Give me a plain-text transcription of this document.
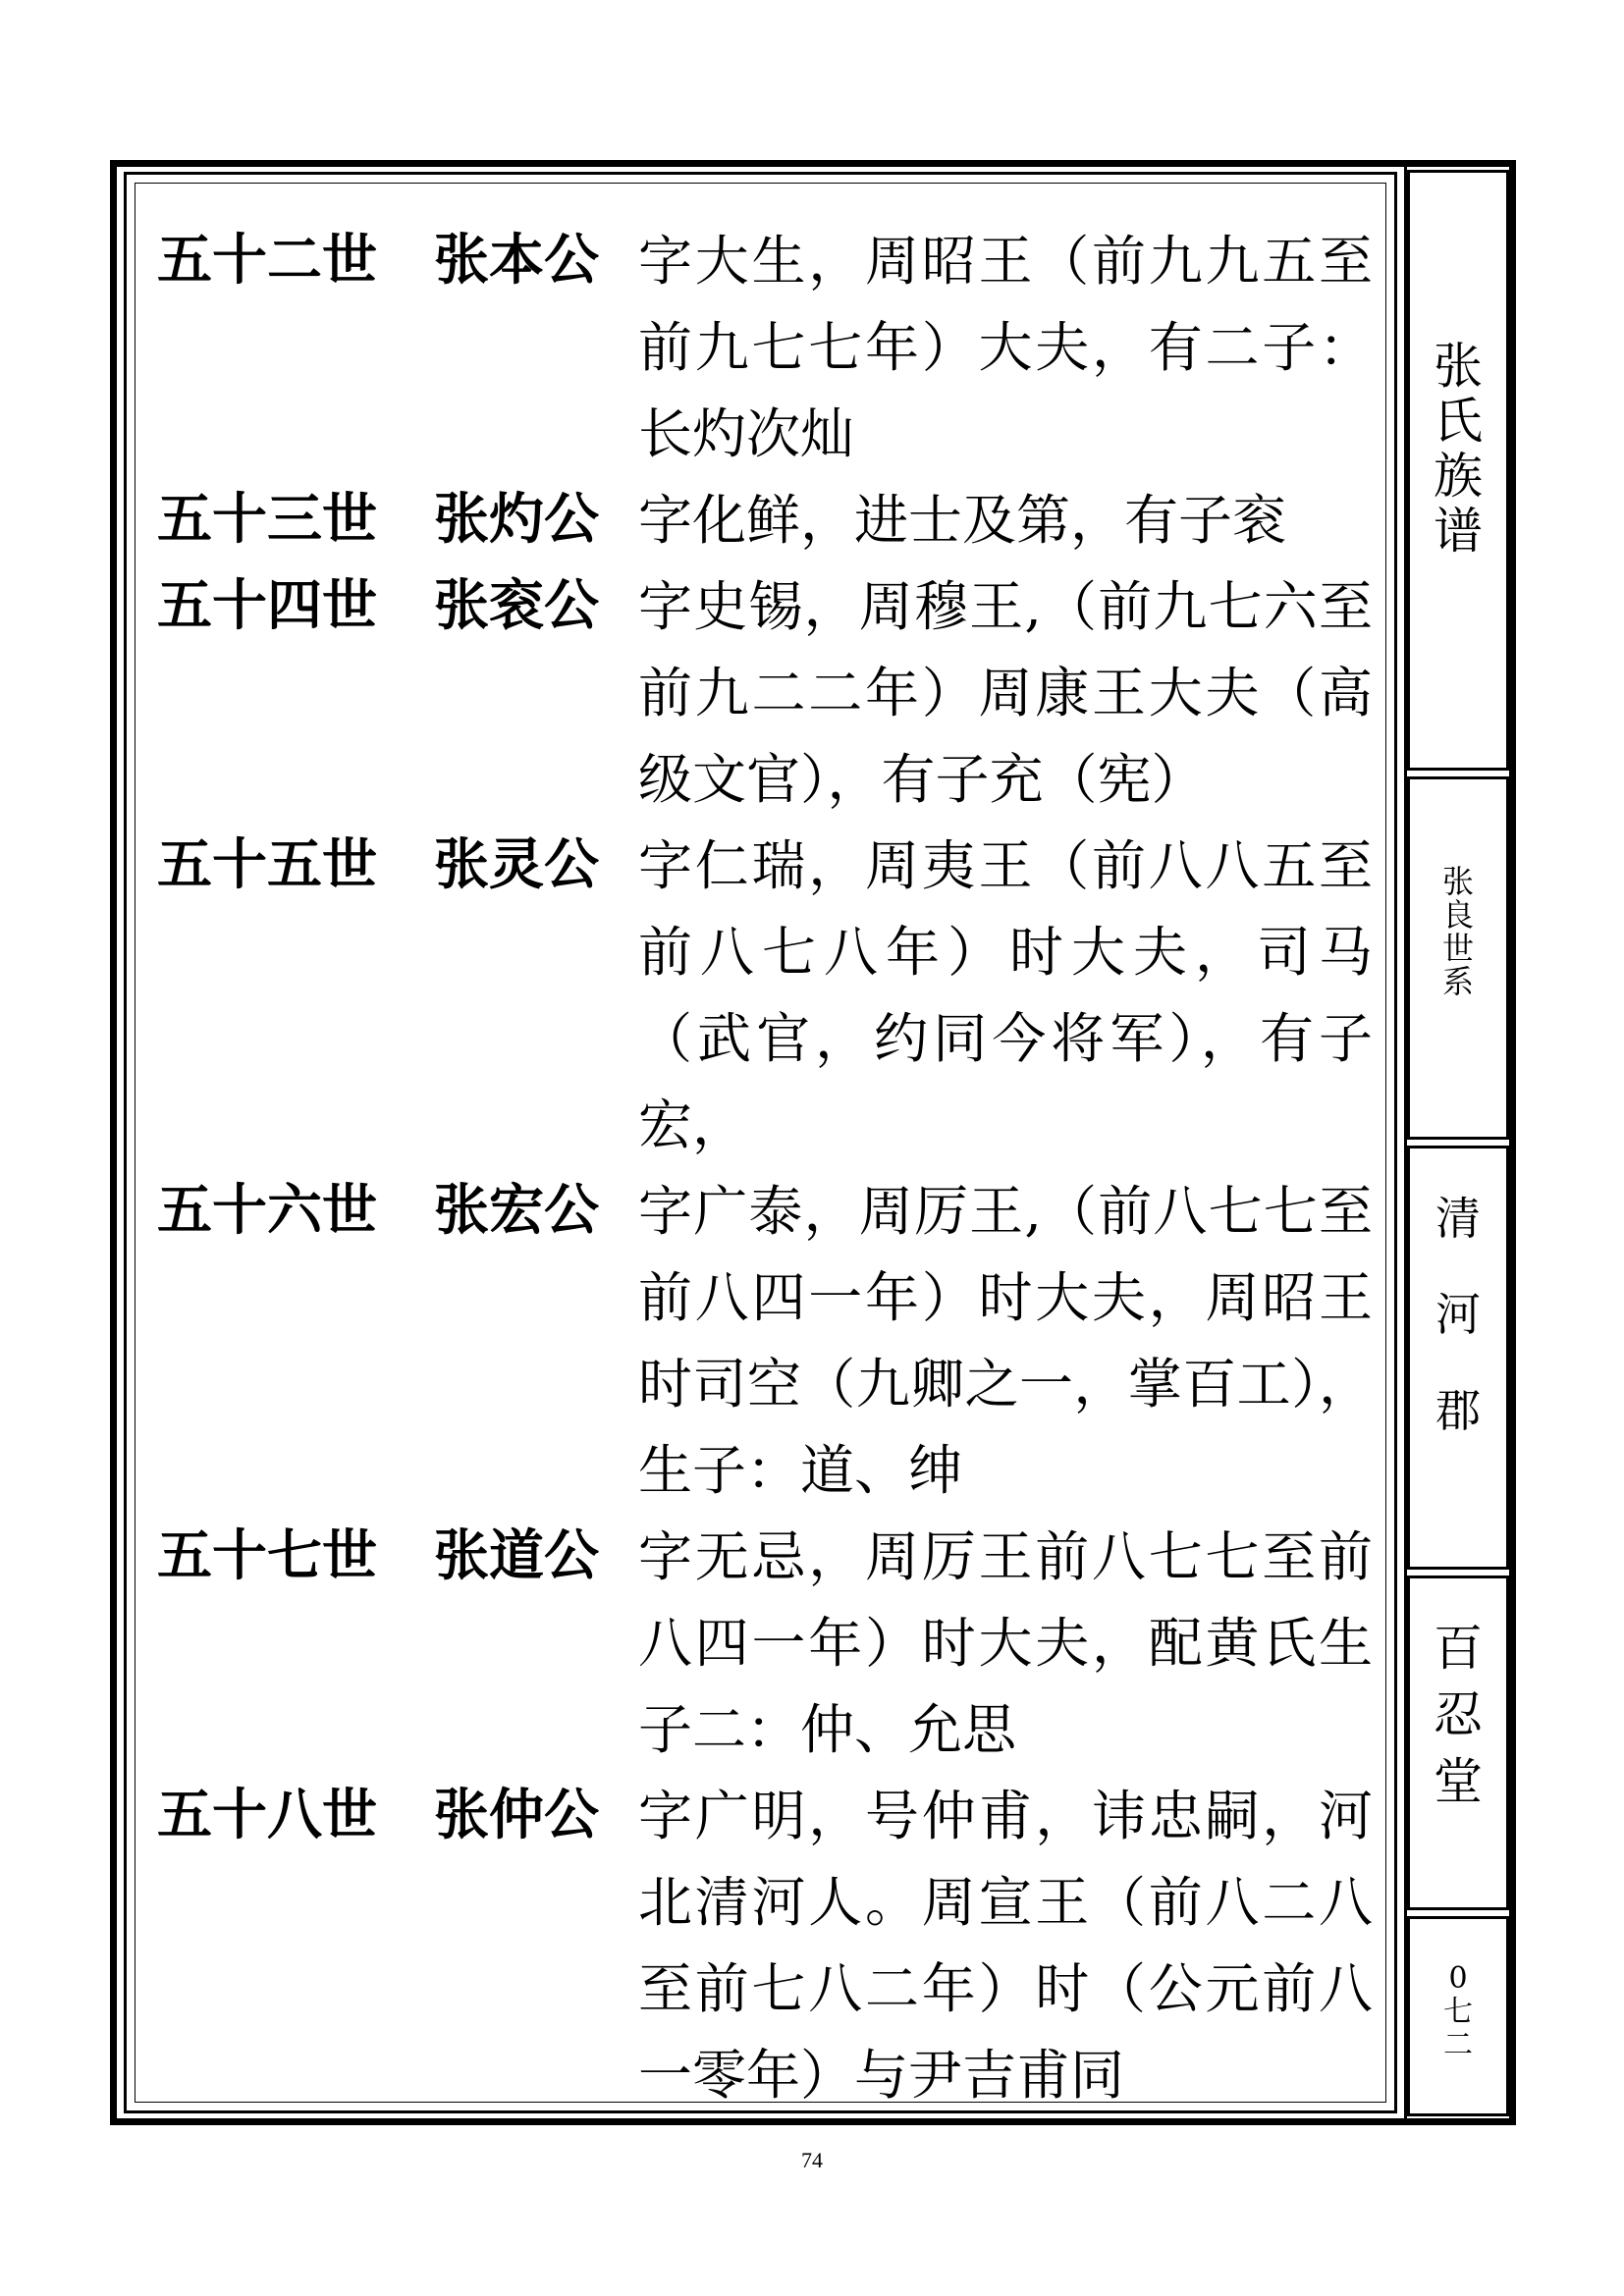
五十二世 张本公 字大生，周昭王（前九九五至前九七七年）大夫，有二子：长灼次灿
五十三世 张灼公 字化鲜，进士及第，有子衮
五十四世 张衮公 字史锡，周穆王,（前九七六至前九二二年）周康王大夫（高级文官），有子充（宪）
五十五世 张灵公 字仁瑞，周夷王（前八八五至前八七八年）时大夫，司马（武官，约同今将军），有子宏，
五十六世 张宏公 字广泰，周厉王,（前八七七至前八四一年）时大夫，周昭王时司空（九卿之一，掌百工），生子：道、绅
五十七世 张道公 字无忌，周厉王前八七七至前八四一年）时大夫，配黄氏生子二：仲、允思
五十八世 张仲公 字广明，号仲甫，讳忠嗣，河北清河人。周宣王（前八二八至前七八二年）时（公元前八一零年）与尹吉甫同
张
氏
族
谱
张
良
世
系
清
河
郡
百
忍
堂
0
七
二
74
